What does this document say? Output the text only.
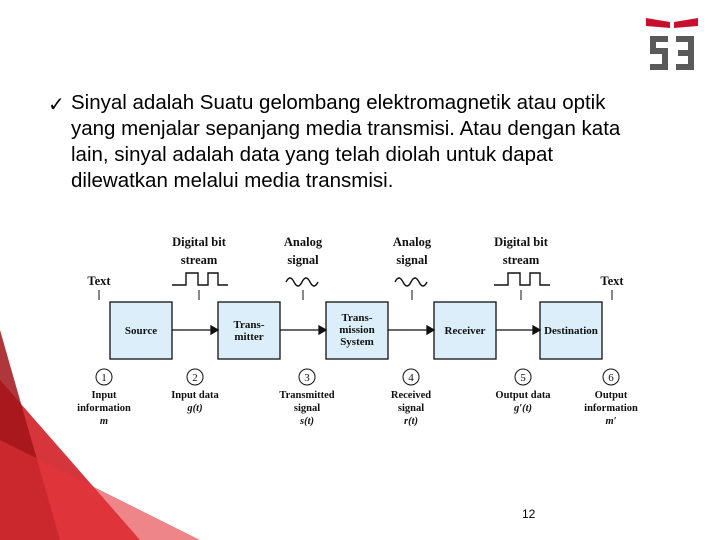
✓ Sinyal adalah Suatu gelombang elektromagnetik atau optik
yang menjalar sepanjang media transmisi. Atau dengan kata
lain, sinyal adalah data yang telah diolah untuk dapat
dilewatkan melalui media transmisi.
Digital bit
stream
Analog
signal
Analog
signal
Digital bit
stream
Text	Text
Source	Trans-
mitter
Trans-
mission
System
Receiver	Destination
1	2	3	4	5	6
Input
information
m
Input data
g(t)
Transmitted
signal
s(t)
Received
signal
r(t)
Output data
g′(t)
Output
information
m′
12
